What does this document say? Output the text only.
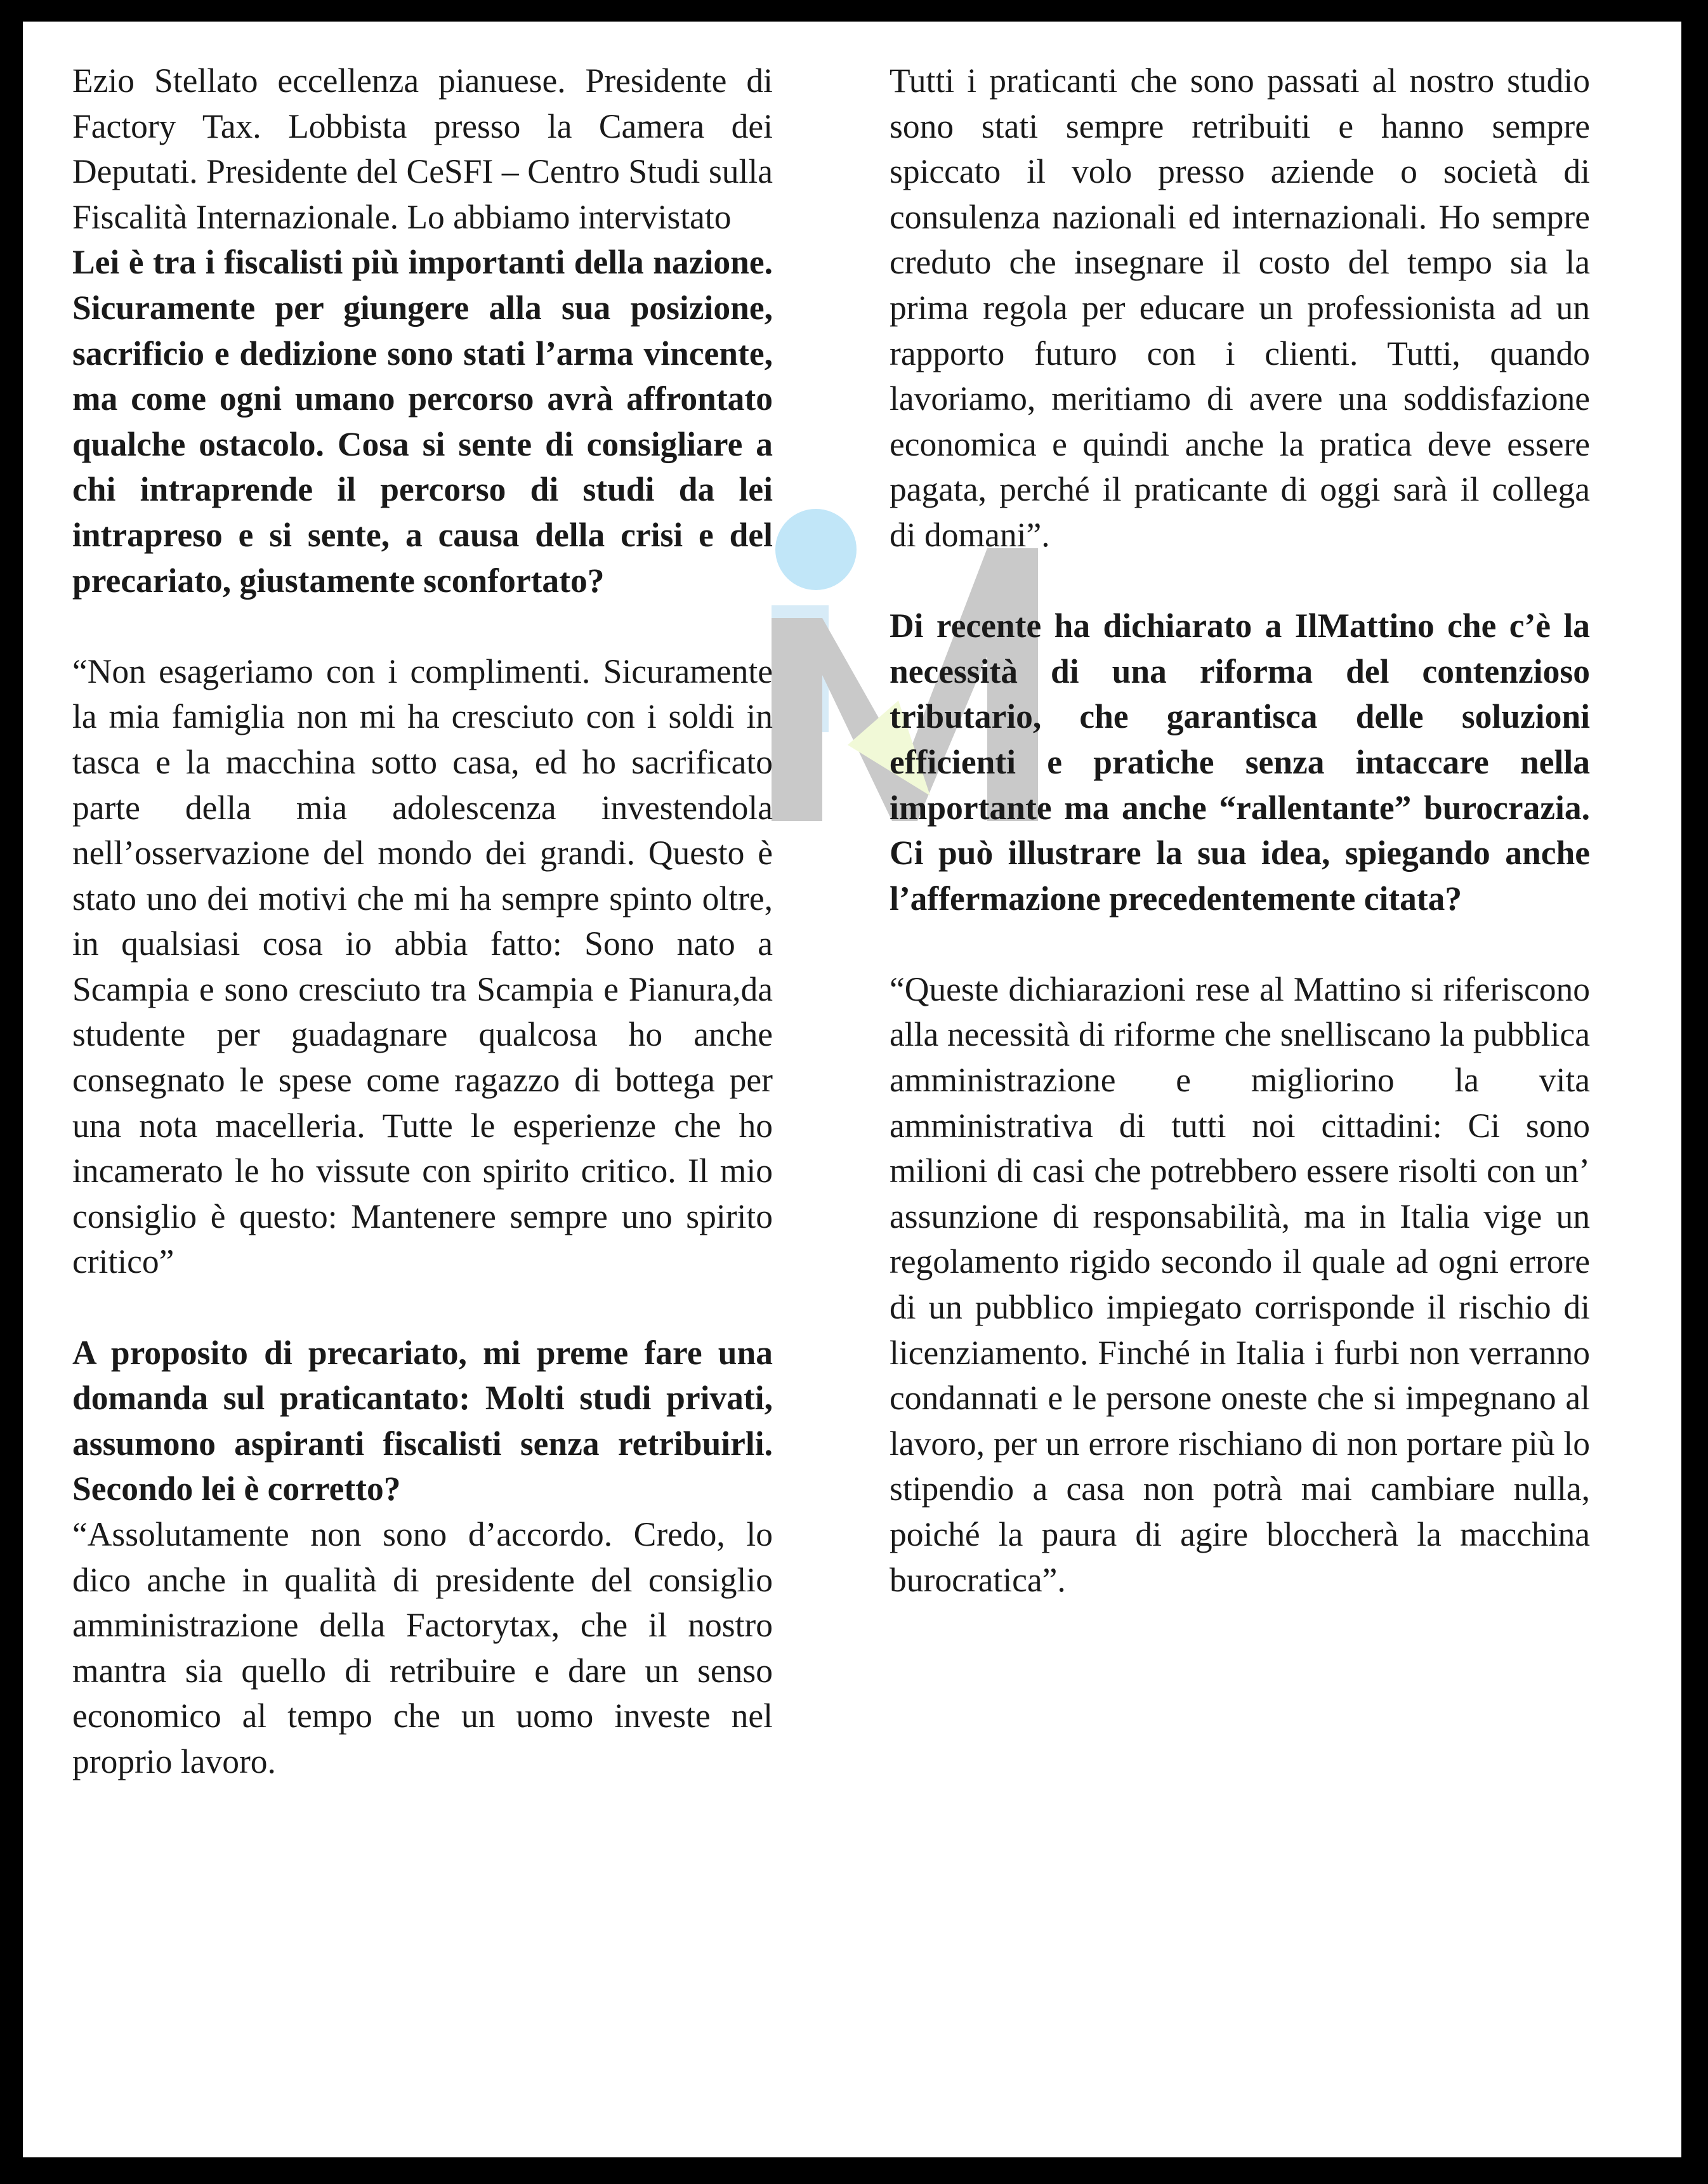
Ezio Stellato eccellenza pianuese. Presidente di Factory Tax. Lobbista presso la Camera dei Deputati. Presidente del CeSFI – Centro Studi sulla Fiscalità Internazionale. Lo abbiamo intervistato

Lei è tra i fiscalisti più importanti della nazione. Sicuramente per giungere alla sua posizione, sacrificio e dedizione sono stati l’arma vincente, ma come ogni umano percorso avrà affrontato qualche ostacolo. Cosa si sente di consigliare a chi intraprende il percorso di studi da lei intrapreso e si sente, a causa della crisi e del precariato, giustamente sconfortato?

“Non esageriamo con i complimenti. Sicuramente la mia famiglia non mi ha cresciuto con i soldi in tasca e la macchina sotto casa, ed ho sacrificato parte della mia adolescenza investendola nell’osservazione del mondo dei grandi. Questo è stato uno dei motivi che mi ha sempre spinto oltre, in qualsiasi cosa io abbia fatto: Sono nato a Scampia e sono cresciuto tra Scampia e Pianura,da studente per guadagnare qualcosa ho anche consegnato le spese come ragazzo di bottega per una nota macelleria. Tutte le esperienze che ho incamerato le ho vissute con spirito critico. Il mio consiglio è questo: Mantenere sempre uno spirito critico”

A proposito di precariato, mi preme fare una domanda sul praticantato: Molti studi privati, assumono aspiranti fiscalisti senza retribuirli. Secondo lei è corretto?

“Assolutamente non sono d’accordo. Credo, lo dico anche in qualità di presidente del consiglio amministrazione della Factorytax, che il nostro mantra sia quello di retribuire e dare un senso economico al tempo che un uomo investe nel proprio lavoro.

Tutti i praticanti che sono passati al nostro studio sono stati sempre retribuiti e hanno sempre spiccato il volo presso aziende o società di consulenza nazionali ed internazionali. Ho sempre creduto che insegnare il costo del tempo sia la prima regola per educare un professionista ad un rapporto futuro con i clienti. Tutti, quando lavoriamo, meritiamo di avere una soddisfazione economica e quindi anche la pratica deve essere pagata, perché il praticante di oggi sarà il collega di domani”.

Di recente ha dichiarato a IlMattino che c’è la necessità di una riforma del contenzioso tributario, che garantisca delle soluzioni efficienti e pratiche senza intaccare nella importante ma anche “rallentante” burocrazia. Ci può illustrare la sua idea, spiegando anche l’affermazione precedentemente citata?

“Queste dichiarazioni rese al Mattino si riferiscono alla necessità di riforme che snelliscano la pubblica amministrazione e migliorino la vita amministrativa di tutti noi cittadini: Ci sono milioni di casi che potrebbero essere risolti con un’ assunzione di responsabilità, ma in Italia vige un regolamento rigido secondo il quale ad ogni errore di un pubblico impiegato corrisponde il rischio di licenziamento. Finché in Italia i furbi non verranno condannati e le persone oneste che si impegnano al lavoro, per un errore rischiano di non portare più lo stipendio a casa non potrà mai cambiare nulla, poiché la paura di agire bloccherà la macchina burocratica”.
